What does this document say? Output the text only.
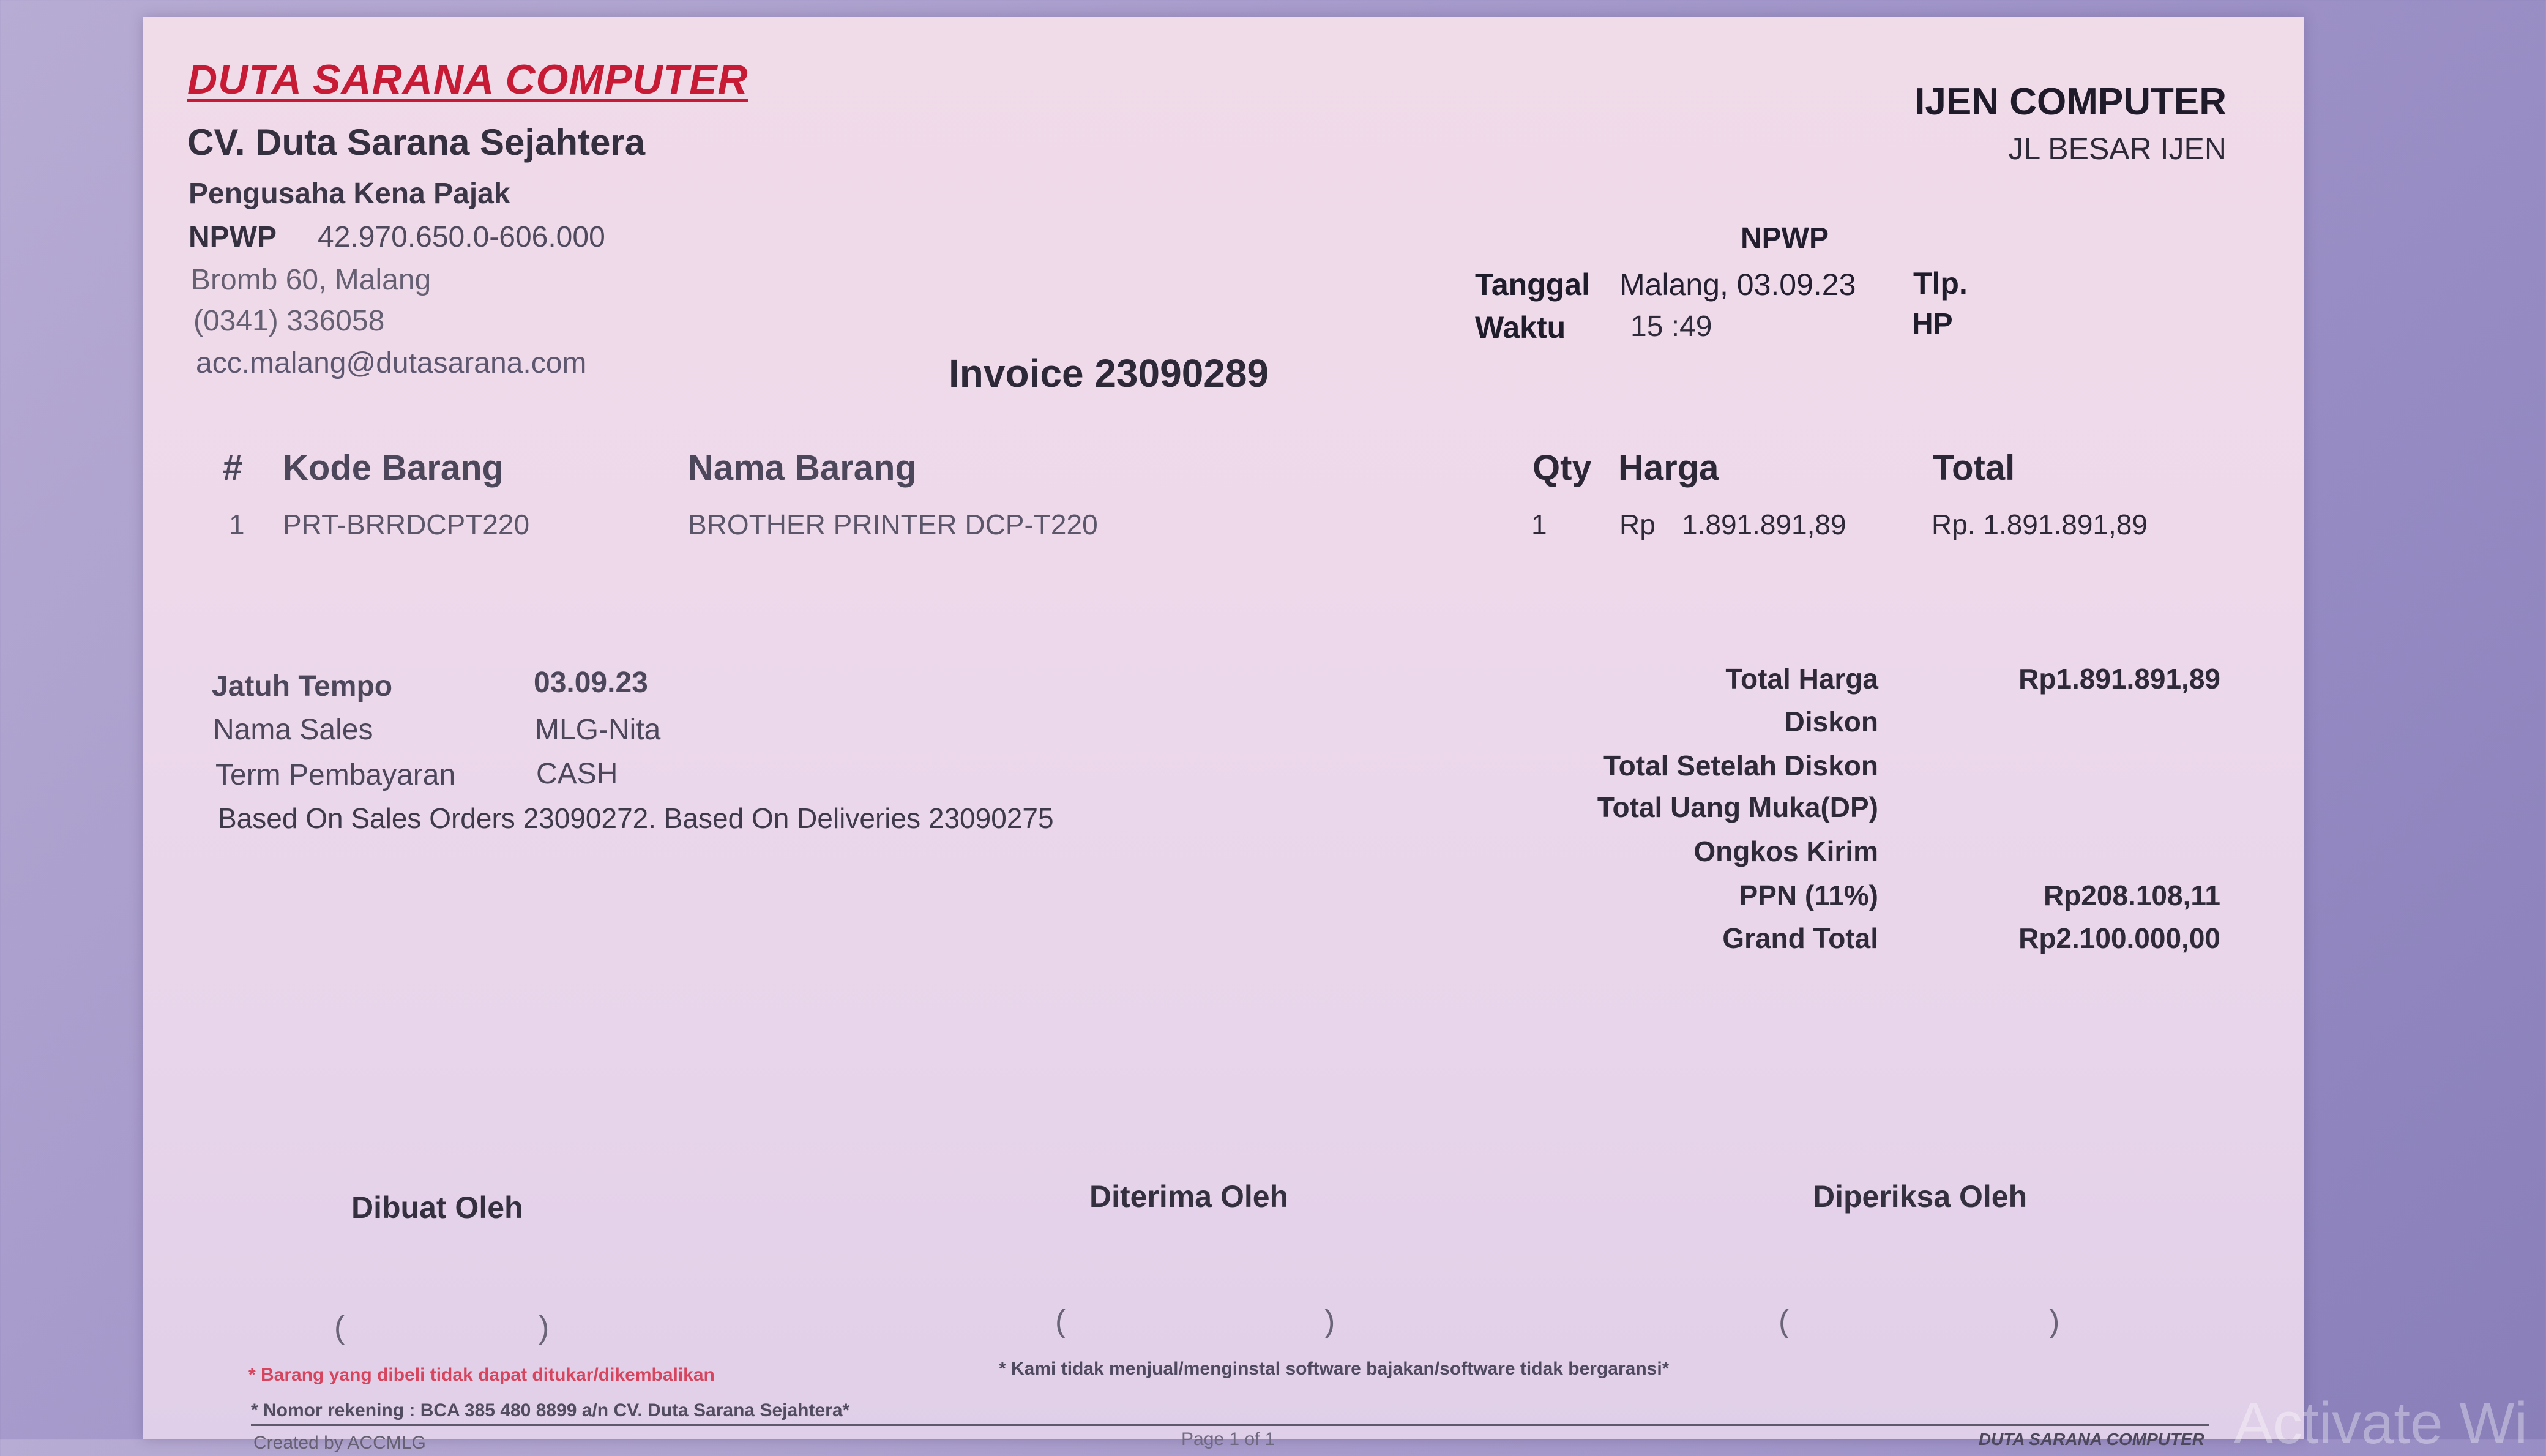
DUTA SARANA COMPUTER
CV. Duta Sarana Sejahtera
Pengusaha Kena Pajak
NPWP 42.970.650.0-606.000
Bromb 60, Malang
(0341) 336058
acc.malang@dutasarana.com
IJEN COMPUTER
JL BESAR IJEN
NPWP
Tanggal Malang, 03.09.23
Waktu 15 :49
Tlp.
HP
Invoice 23090289
# Kode Barang	Nama Barang	Qty Harga	Total
1 PRT-BRRDCPT220	BROTHER PRINTER DCP-T220	1	Rp 1.891.891,89	Rp. 1.891.891,89
Jatuh Tempo	03.09.23
Nama Sales	MLG-Nita
Term Pembayaran	CASH
Based On Sales Orders 23090272. Based On Deliveries 23090275
Total Harga	Rp1.891.891,89
Diskon
Total Setelah Diskon
Total Uang Muka(DP)
Ongkos Kirim
PPN (11%)	Rp208.108,11
Grand Total	Rp2.100.000,00
Dibuat Oleh	Diterima Oleh	Diperiksa Oleh
(	)	(	)	(	)
* Barang yang dibeli tidak dapat ditukar/dikembalikan	* Kami tidak menjual/menginstal software bajakan/software tidak bergaransi*
* Nomor rekening : BCA 385 480 8899 a/n CV. Duta Sarana Sejahtera*
Created by ACCMLG	Page 1 of 1	DUTA SARANA COMPUTER Activate Wi
